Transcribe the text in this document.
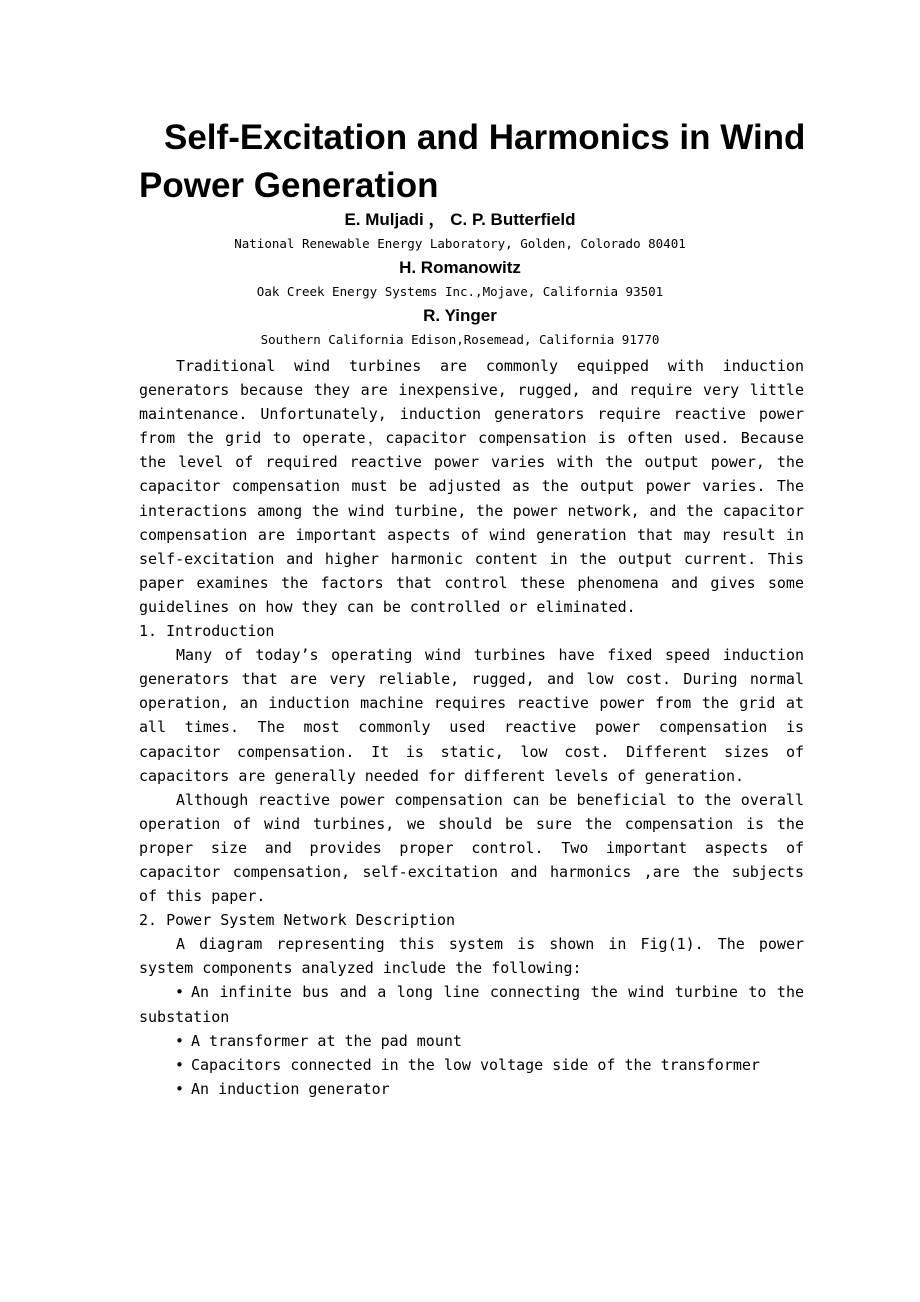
Self-Excitation and Harmonics in Wind Power Generation
E. Muljadi ， C. P. Butterfield
National Renewable Energy Laboratory, Golden, Colorado 80401
H. Romanowitz
Oak Creek Energy Systems Inc.,Mojave, California 93501
R. Yinger
Southern California Edison,Rosemead, California 91770

Traditional wind turbines are commonly equipped with induction generators because they are inexpensive, rugged, and require very little maintenance. Unfortunately, induction generators require reactive power from the grid to operate，capacitor compensation is often used. Because the level of required reactive power varies with the output power, the capacitor compensation must be adjusted as the output power varies. The interactions among the wind turbine, the power network, and the capacitor compensation are important aspects of wind generation that may result in self-excitation and higher harmonic content in the output current. This paper examines the factors that control these phenomena and gives some guidelines on how they can be controlled or eliminated.

1. Introduction

Many of today’s operating wind turbines have fixed speed induction generators that are very reliable, rugged, and low cost. During normal operation, an induction machine requires reactive power from the grid at all times. The most commonly used reactive power compensation is capacitor compensation. It is static, low cost. Different sizes of capacitors are generally needed for different levels of generation.

Although reactive power compensation can be beneficial to the overall operation of wind turbines, we should be sure the compensation is the proper size and provides proper control. Two important aspects of capacitor compensation, self-excitation and harmonics ,are the subjects of this paper.

2. Power System Network Description

A diagram representing this system is shown in Fig(1). The power system components analyzed include the following:

• An infinite bus and a long line connecting the wind turbine to the substation

• A transformer at the pad mount

• Capacitors connected in the low voltage side of the transformer

• An induction generator
